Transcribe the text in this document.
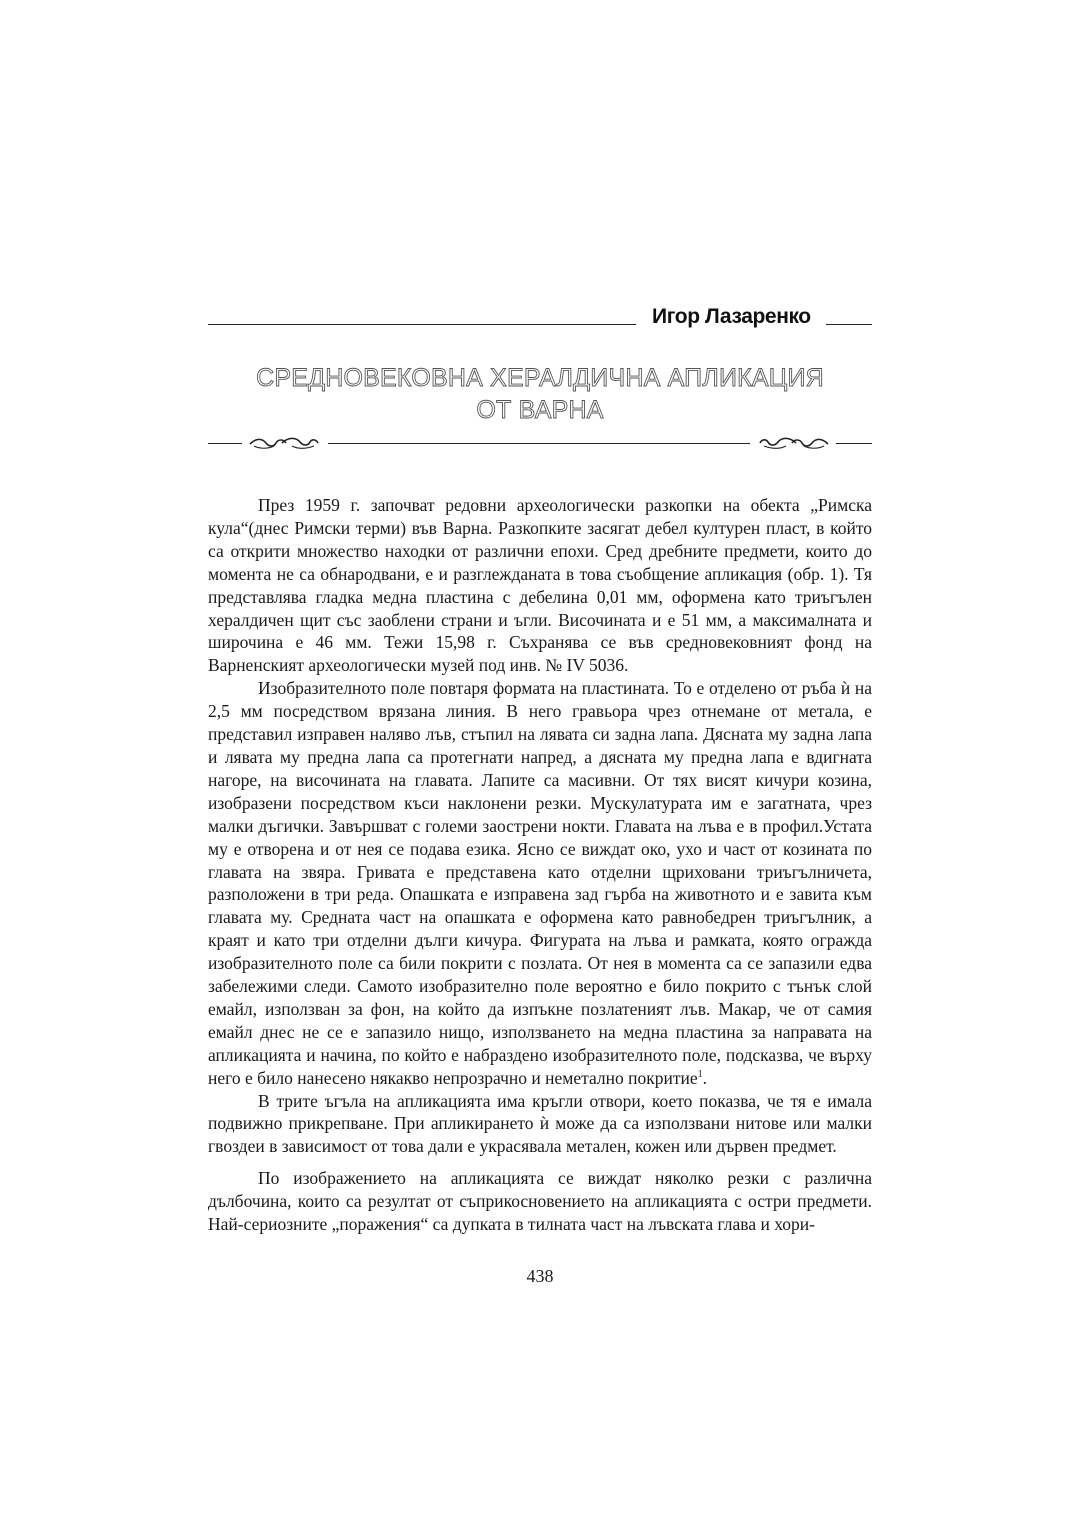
Игор Лазаренко
СРЕДНОВЕКОВНА ХЕРАЛДИЧНА АПЛИКАЦИЯ
ОТ ВАРНА

През 1959 г. започват редовни археологически разкопки на обекта „Римска кула“(днес Римски терми) във Варна. Разкопките засягат дебел културен пласт, в който са открити множество находки от различни епохи. Сред дребните предмети, които до момента не са обнародвани, е и разглежданата в това съобщение апликация (обр. 1). Тя представлява гладка медна пластина с дебелина 0,01 мм, оформена като триъгълен хералдичен щит със заоблени страни и ъгли. Височината и е 51 мм, а максималната и широчина е 46 мм. Тежи 15,98 г. Съхранява се във средновековният фонд на Варненският археологически музей под инв. № IV 5036.

Изобразителното поле повтаря формата на пластината. То е отделено от ръба ѝ на 2,5 мм посредством врязана линия. В него гравьора чрез отнемане от метала, е представил изправен наляво лъв, стъпил на лявата си задна лапа. Дясната му задна лапа и лявата му предна лапа са протегнати напред, а дясната му предна лапа е вдигната нагоре, на височината на главата. Лапите са масивни. От тях висят кичури козина, изобразени посредством къси наклонени резки. Мускулатурата им е загатната, чрез малки дъгички. Завършват с големи заострени нокти. Главата на лъва е в профил.Устата му е отворена и от нея се подава езика. Ясно се виждат око, ухо и част от козината по главата на звяра. Гривата е представена като отделни щриховани триъгълничета, разположени в три реда. Опашката е изправена зад гърба на животното и е завита към главата му. Средната част на опашката е оформена като равнобедрен триъгълник, а краят и като три отделни дълги кичура. Фигурата на лъва и рамката, която огражда изобразителното поле са били покрити с позлата. От нея в момента са се запазили едва забележими следи. Самото изобразително поле вероятно е било покрито с тънък слой емайл, използван за фон, на който да изпъкне позлатеният лъв. Макар, че от самия емайл днес не се е запазило нищо, използването на медна пластина за направата на апликацията и начина, по който е набраздено изобразителното поле, подсказва, че върху него е било нанесено някакво непрозрачно и неметално покритие$^1$.

В трите ъгъла на апликацията има кръгли отвори, което показва, че тя е имала подвижно прикрепване. При апликирането ѝ може да са използвани нитове или малки гвоздеи в зависимост от това дали е украсявала метален, кожен или дървен предмет.

По изображението на апликацията се виждат няколко резки с различна дълбочина, които са резултат от съприкосновението на апликацията с остри предмети. Най-сериозните „поражения“ са дупката в тилната част на лъвската глава и хори-

438
